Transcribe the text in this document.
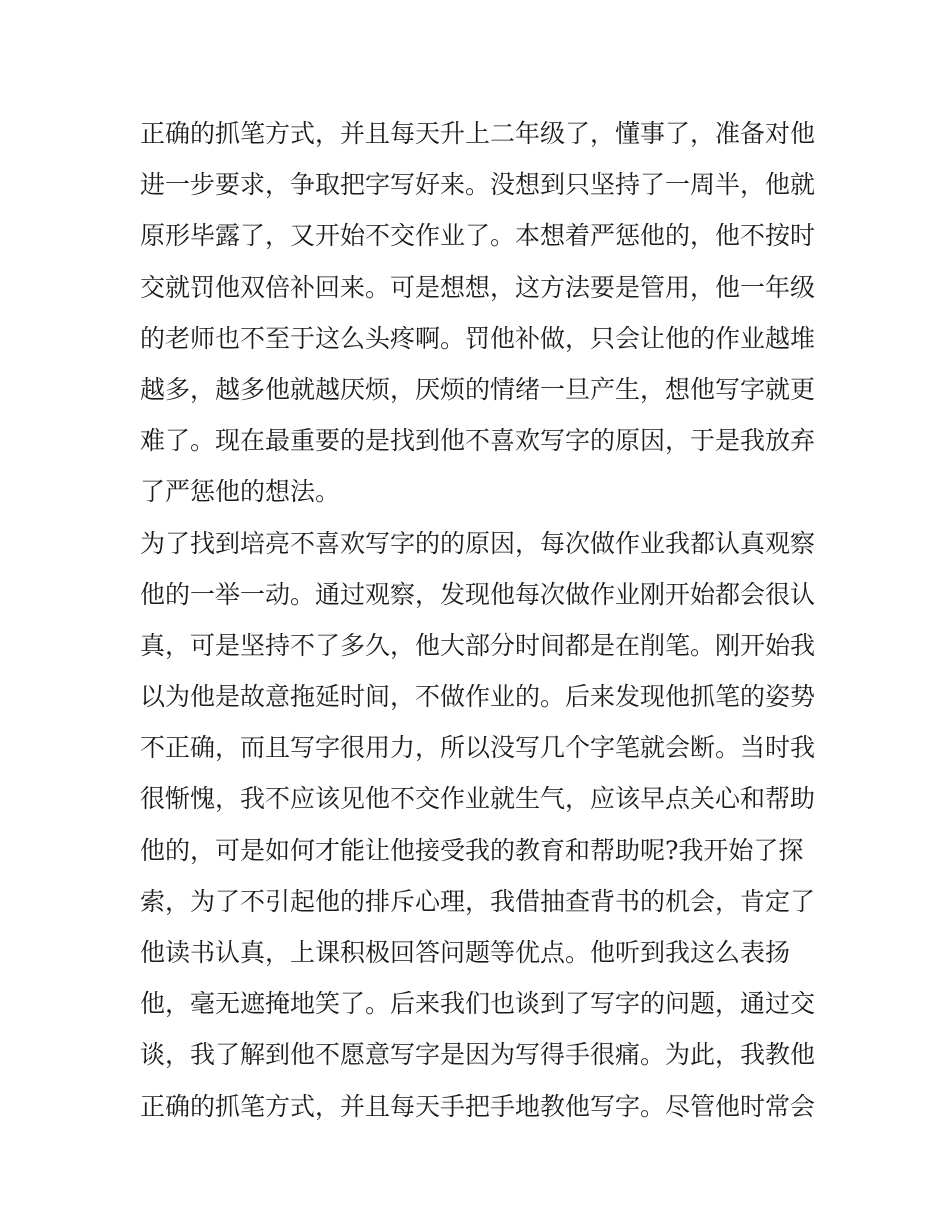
正确的抓笔方式，并且每天升上二年级了，懂事了，准备对他
进一步要求，争取把字写好来。没想到只坚持了一周半，他就
原形毕露了，又开始不交作业了。本想着严惩他的，他不按时
交就罚他双倍补回来。可是想想，这方法要是管用，他一年级
的老师也不至于这么头疼啊。罚他补做，只会让他的作业越堆
越多，越多他就越厌烦，厌烦的情绪一旦产生，想他写字就更
难了。现在最重要的是找到他不喜欢写字的原因，于是我放弃
了严惩他的想法。
为了找到培亮不喜欢写字的的原因，每次做作业我都认真观察
他的一举一动。通过观察，发现他每次做作业刚开始都会很认
真，可是坚持不了多久，他大部分时间都是在削笔。刚开始我
以为他是故意拖延时间，不做作业的。后来发现他抓笔的姿势
不正确，而且写字很用力，所以没写几个字笔就会断。当时我
很惭愧，我不应该见他不交作业就生气，应该早点关心和帮助
他的，可是如何才能让他接受我的教育和帮助呢?我开始了探
索，为了不引起他的排斥心理，我借抽查背书的机会，肯定了
他读书认真，上课积极回答问题等优点。他听到我这么表扬
他，毫无遮掩地笑了。后来我们也谈到了写字的问题，通过交
谈，我了解到他不愿意写字是因为写得手很痛。为此，我教他
正确的抓笔方式，并且每天手把手地教他写字。尽管他时常会
